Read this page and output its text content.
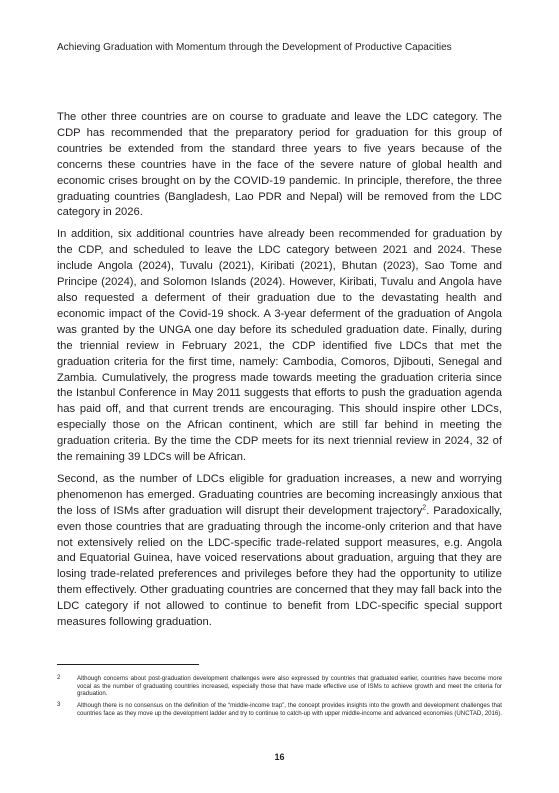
Achieving Graduation with Momentum through the Development of Productive Capacities

The other three countries are on course to graduate and leave the LDC category. The CDP has recommended that the preparatory period for graduation for this group of countries be extended from the standard three years to five years because of the concerns these countries have in the face of the severe nature of global health and economic crises brought on by the COVID-19 pandemic. In principle, therefore, the three graduating countries (Bangladesh, Lao PDR and Nepal) will be removed from the LDC category in 2026.

In addition, six additional countries have already been recommended for graduation by the CDP, and scheduled to leave the LDC category between 2021 and 2024. These include Angola (2024), Tuvalu (2021), Kiribati (2021), Bhutan (2023), Sao Tome and Principe (2024), and Solomon Islands (2024). However, Kiribati, Tuvalu and Angola have also requested a deferment of their graduation due to the devastating health and economic impact of the Covid-19 shock. A 3-year deferment of the graduation of Angola was granted by the UNGA one day before its scheduled graduation date. Finally, during the triennial review in February 2021, the CDP identified five LDCs that met the graduation criteria for the first time, namely: Cambodia, Comoros, Djibouti, Senegal and Zambia. Cumulatively, the progress made towards meeting the graduation criteria since the Istanbul Conference in May 2011 suggests that efforts to push the graduation agenda has paid off, and that current trends are encouraging. This should inspire other LDCs, especially those on the African continent, which are still far behind in meeting the graduation criteria. By the time the CDP meets for its next triennial review in 2024, 32 of the remaining 39 LDCs will be African.

Second, as the number of LDCs eligible for graduation increases, a new and worrying phenomenon has emerged. Graduating countries are becoming increasingly anxious that the loss of ISMs after graduation will disrupt their development trajectory$^2$. Paradoxically, even those countries that are graduating through the income-only criterion and that have not extensively relied on the LDC-specific trade-related support measures, e.g. Angola and Equatorial Guinea, have voiced reservations about graduation, arguing that they are losing trade-related preferences and privileges before they had the opportunity to utilize them effectively. Other graduating countries are concerned that they may fall back into the LDC category if not allowed to continue to benefit from LDC-specific special support measures following graduation.

2	Although concerns about post-graduation development challenges were also expressed by countries that graduated earlier, countries have become more vocal as the number of graduating countries increased, especially those that have made effective use of ISMs to achieve growth and meet the criteria for graduation.
3	Although there is no consensus on the definition of the “middle-income trap”, the concept provides insights into the growth and development challenges that countries face as they move up the development ladder and try to continue to catch-up with upper middle-income and advanced economies (UNCTAD, 2016).
16
